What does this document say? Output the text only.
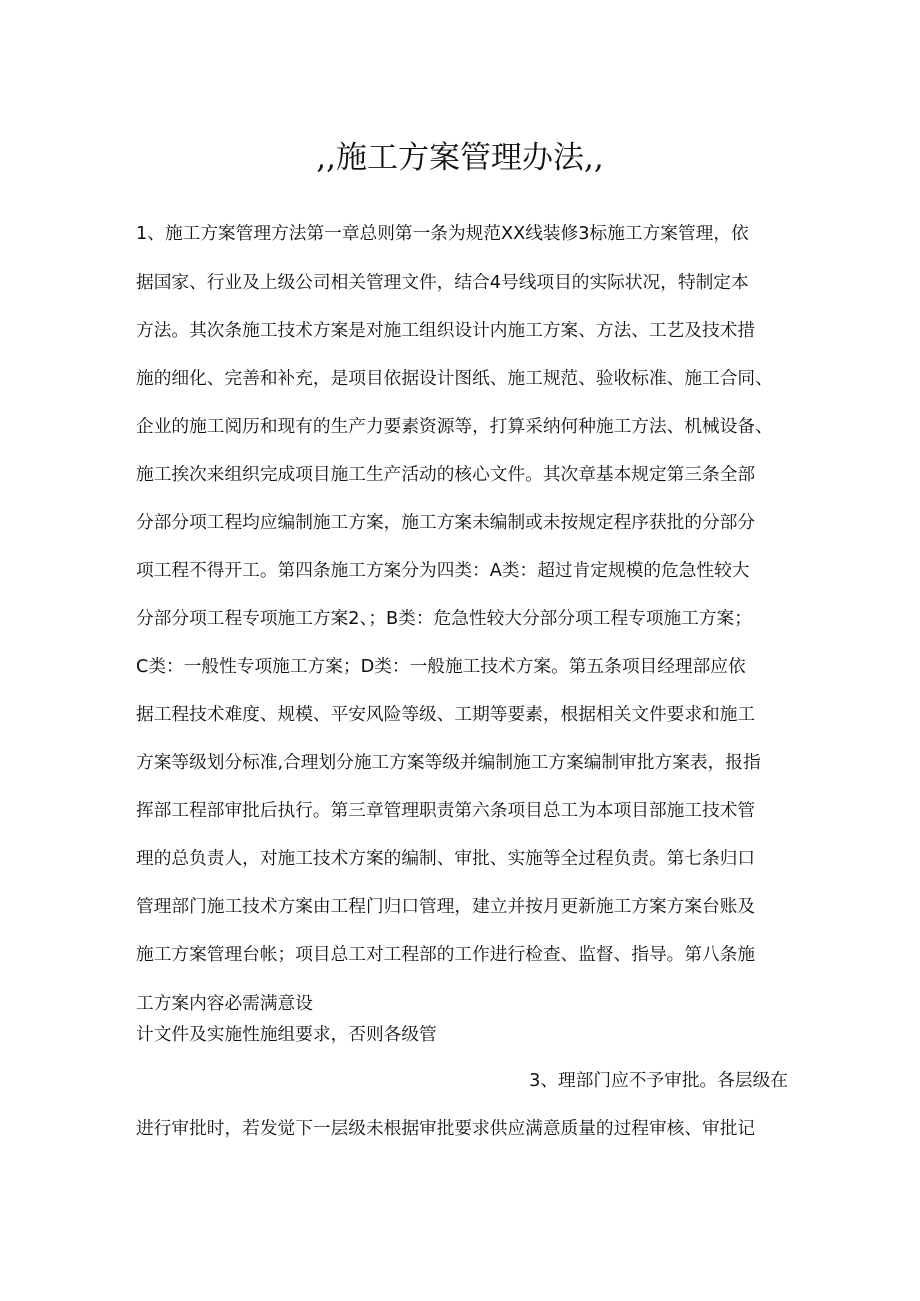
,,施工方案管理办法,,
1、施工方案管理方法第一章总则第一条为规范XX线装修3标施工方案管理，依
据国家、行业及上级公司相关管理文件，结合4号线项目的实际状况，特制定本
方法。其次条施工技术方案是对施工组织设计内施工方案、方法、工艺及技术措
施的细化、完善和补充，是项目依据设计图纸、施工规范、验收标准、施工合同、
企业的施工阅历和现有的生产力要素资源等，打算采纳何种施工方法、机械设备、
施工挨次来组织完成项目施工生产活动的核心文件。其次章基本规定第三条全部
分部分项工程均应编制施工方案，施工方案未编制或未按规定程序获批的分部分
项工程不得开工。第四条施工方案分为四类：A类：超过肯定规模的危急性较大
分部分项工程专项施工方案2、；B类：危急性较大分部分项工程专项施工方案；
C类：一般性专项施工方案；D类：一般施工技术方案。第五条项目经理部应依
据工程技术难度、规模、平安风险等级、工期等要素，根据相关文件要求和施工
方案等级划分标准,合理划分施工方案等级并编制施工方案编制审批方案表，报指
挥部工程部审批后执行。第三章管理职责第六条项目总工为本项目部施工技术管
理的总负责人，对施工技术方案的编制、审批、实施等全过程负责。第七条归口
管理部门施工技术方案由工程门归口管理，建立并按月更新施工方案方案台账及
施工方案管理台帐；项目总工对工程部的工作进行检查、监督、指导。第八条施
工方案内容必需满意设
计文件及实施性施组要求，否则各级管
3、理部门应不予审批。各层级在
进行审批时，若发觉下一层级未根据审批要求供应满意质量的过程审核、审批记
